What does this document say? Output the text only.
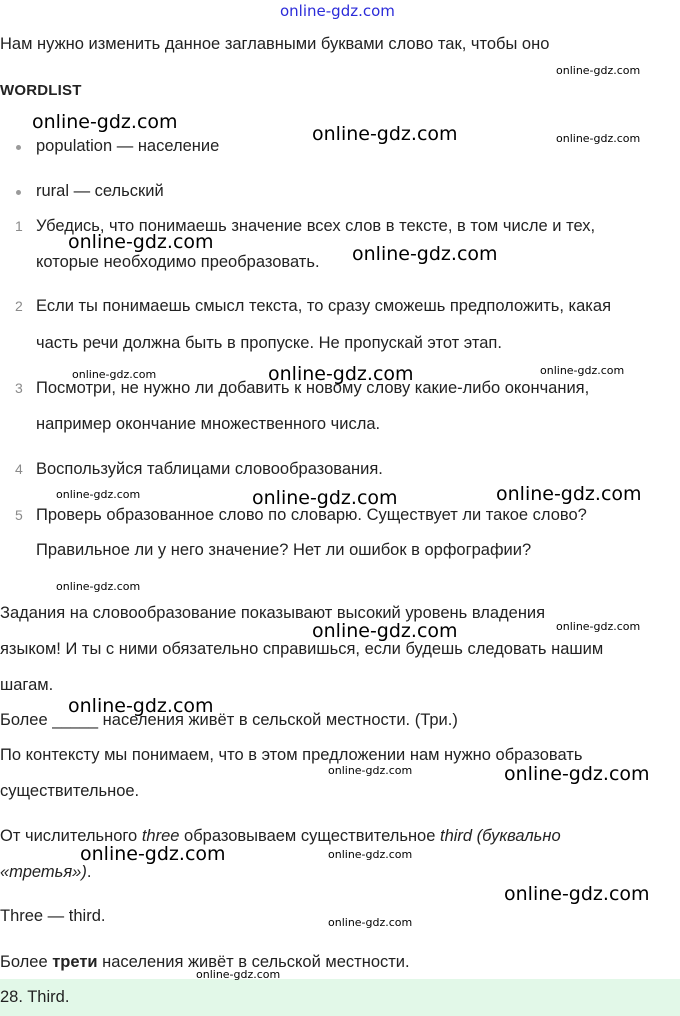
online-gdz.com
Нам нужно изменить данное заглавными буквами слово так, чтобы оно
WORDLIST
population — население
rural — сельский
1 Убедись, что понимаешь значение всех слов в тексте, в том числе и тех,
которые необходимо преобразовать.
2 Если ты понимаешь смысл текста, то сразу сможешь предположить, какая
часть речи должна быть в пропуске. Не пропускай этот этап.
3 Посмотри, не нужно ли добавить к новому слову какие-либо окончания,
например окончание множественного числа.
4 Воспользуйся таблицами словообразования.
5 Проверь образованное слово по словарю. Существует ли такое слово?
Правильное ли у него значение? Нет ли ошибок в орфографии?
Задания на словообразование показывают высокий уровень владения
языком! И ты с ними обязательно справишься, если будешь следовать нашим
шагам.
Более _____ населения живёт в сельской местности. (Три.)
По контексту мы понимаем, что в этом предложении нам нужно образовать
существительное.
От числительного three образовываем существительное third (буквально
«третья»).
Three — third.
Более трети населения живёт в сельской местности.
28. Third.
online-gdz.com
online-gdz.com
online-gdz.com
online-gdz.com
online-gdz.com
online-gdz.com	online-gdz.com
online-gdz.com
online-gdz.com
online-gdz.com
online-gdz.com
online-gdz.com
online-gdz.com
online-gdz.com
online-gdz.com	online-gdz.com
online-gdz.com
online-gdz.com
online-gdz.com
online-gdz.com
online-gdz.com
online-gdz.com
online-gdz.com
